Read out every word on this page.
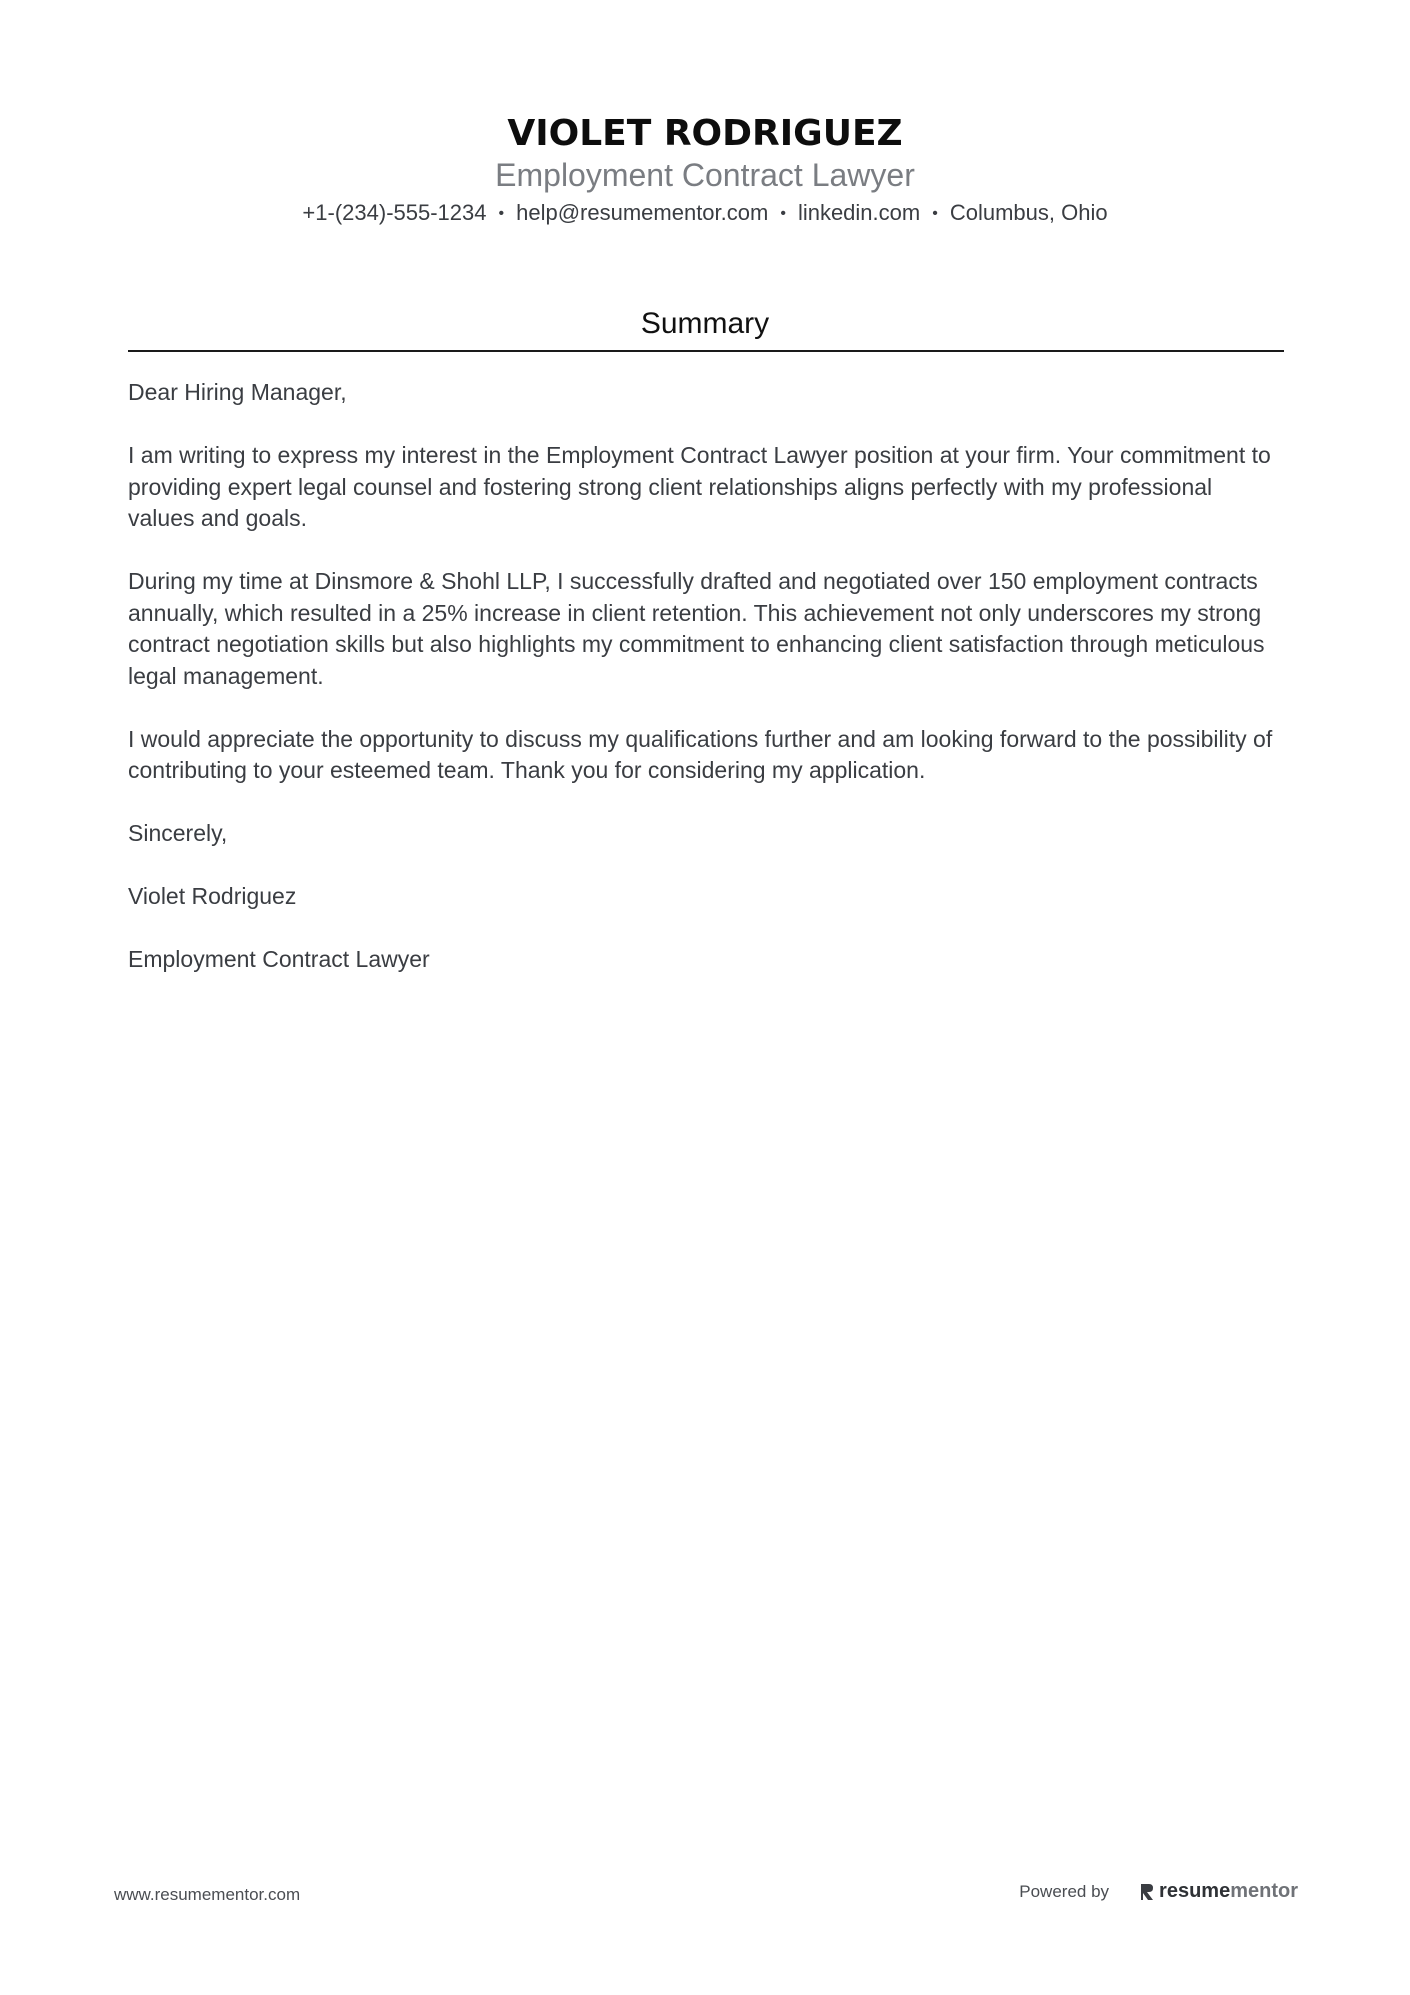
VIOLET RODRIGUEZ
Employment Contract Lawyer
+1-(234)-555-1234 • help@resumementor.com • linkedin.com • Columbus, Ohio
Summary

Dear Hiring Manager,

I am writing to express my interest in the Employment Contract Lawyer position at your firm. Your commitment to providing expert legal counsel and fostering strong client relationships aligns perfectly with my professional values and goals.

During my time at Dinsmore & Shohl LLP, I successfully drafted and negotiated over 150 employment contracts annually, which resulted in a 25% increase in client retention. This achievement not only underscores my strong contract negotiation skills but also highlights my commitment to enhancing client satisfaction through meticulous legal management.

I would appreciate the opportunity to discuss my qualifications further and am looking forward to the possibility of contributing to your esteemed team. Thank you for considering my application.

Sincerely,

Violet Rodriguez

Employment Contract Lawyer

www.resumementor.com	Powered by	resume mentor
